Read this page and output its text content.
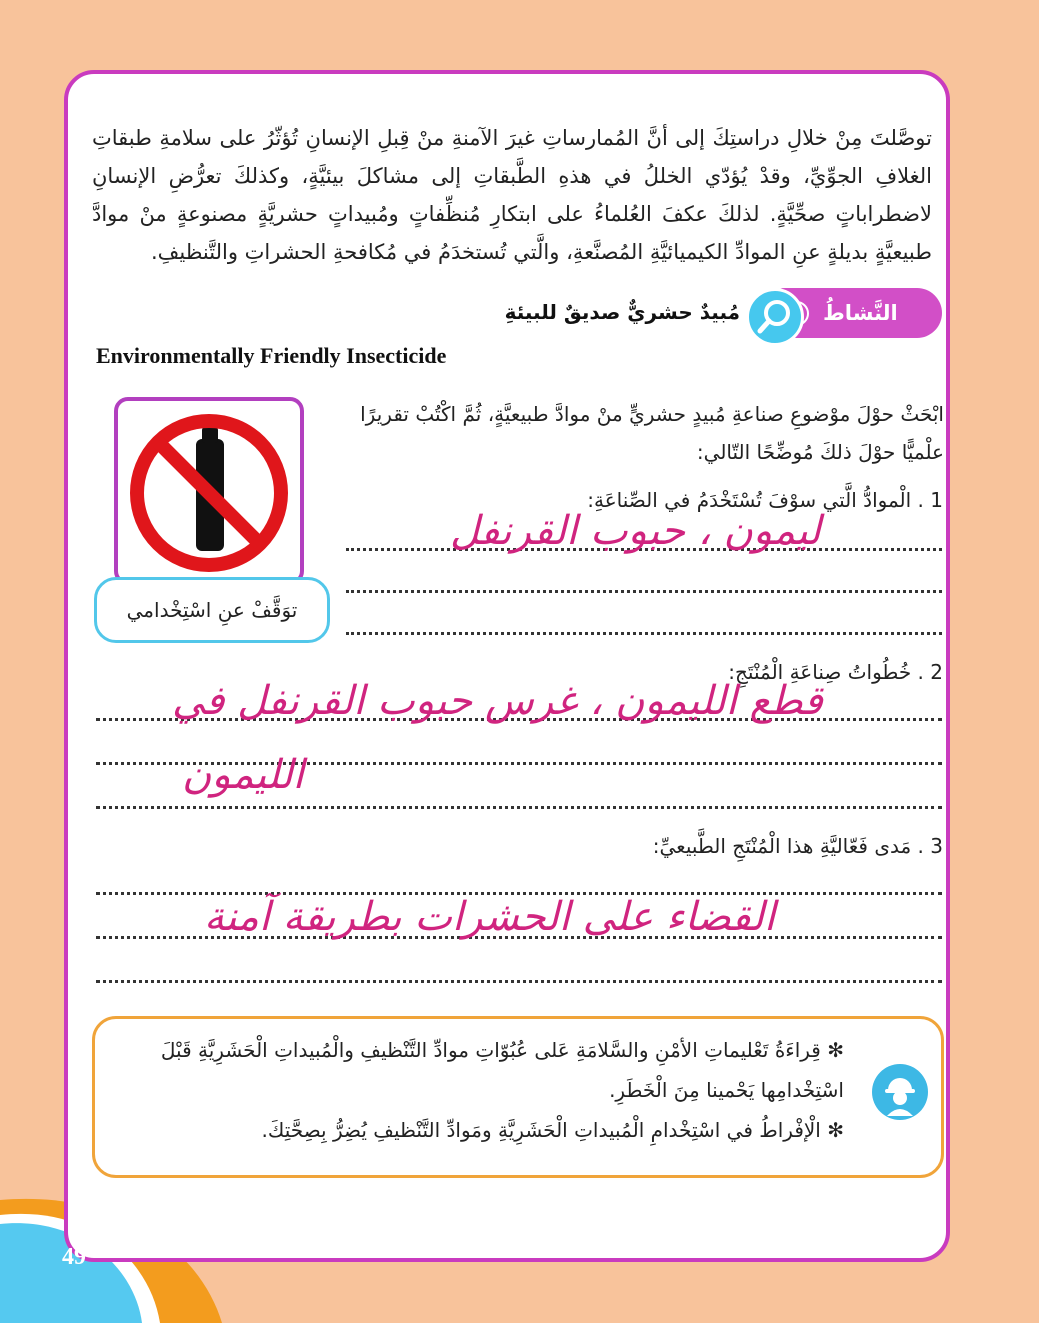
توصَّلتَ مِنْ خلالِ دراستِكَ إلى أنَّ المُمارساتِ غيرَ الآمنةِ منْ قِبلِ الإنسانِ تُؤثّرُ على سلامةِ طبقاتِ الغلافِ الجوِّيِّ، وقدْ يُؤدّي الخللُ في هذهِ الطَّبقاتِ إلى مشاكلَ بيئيَّةٍ، وكذلكَ تعرُّضِ الإنسانِ لاضطراباتٍ صحِّيَّةٍ. لذلكَ عكفَ العُلماءُ على ابتكارِ مُنظِّفاتٍ ومُبيداتٍ حشريَّةٍ مصنوعةٍ منْ موادَّ طبيعيَّةٍ بديلةٍ عنِ الموادِّ الكيميائيَّةِ المُصنَّعةِ، والَّتي تُستخدَمُ في مُكافحةِ الحشراتِ والتَّنظيفِ.

النَّشاطُ
مُبيدٌ حشريٌّ صديقٌ للبيئةِ
Environmentally Friendly Insecticide
ابْحَثْ حوْلَ موْضوعِ صناعةِ مُبيدٍ حشريٍّ منْ موادَّ طبيعيَّةٍ، ثُمَّ اكْتُبْ تقريرًا علْميًّا حوْلَ ذلكَ مُوضِّحًا التّالي:
توَقَّفْ عنِ اسْتِخْدامي
1 . الْموادُّ الَّتي سوْفَ تُسْتَخْدَمُ في الصِّناعَةِ:
ليمون ، حبوب القرنفل
2 . خُطُواتُ صِناعَةِ الْمُنْتَجِ:
قطع الليمون ، غرس حبوب القرنفل في
الليمون
3 . مَدى فَعّاليَّةِ هذا الْمُنْتَجِ الطَّبيعيِّ:
القضاء على الحشرات بطريقة آمنة
✻ قِراءَةُ تَعْليماتِ الأمْنِ والسَّلامَةِ عَلى عُبُوّاتِ موادِّ التَّنْظيفِ والْمُبيداتِ الْحَشَرِيَّةِ قَبْلَ اسْتِخْدامِها يَحْمينا مِنَ الْخَطَرِ.
✻ الْإفْراطُ في اسْتِخْدامِ الْمُبيداتِ الْحَشَرِيَّةِ ومَوادِّ التَّنْظيفِ يُضِرُّ بِصِحَّتِكَ.
49
